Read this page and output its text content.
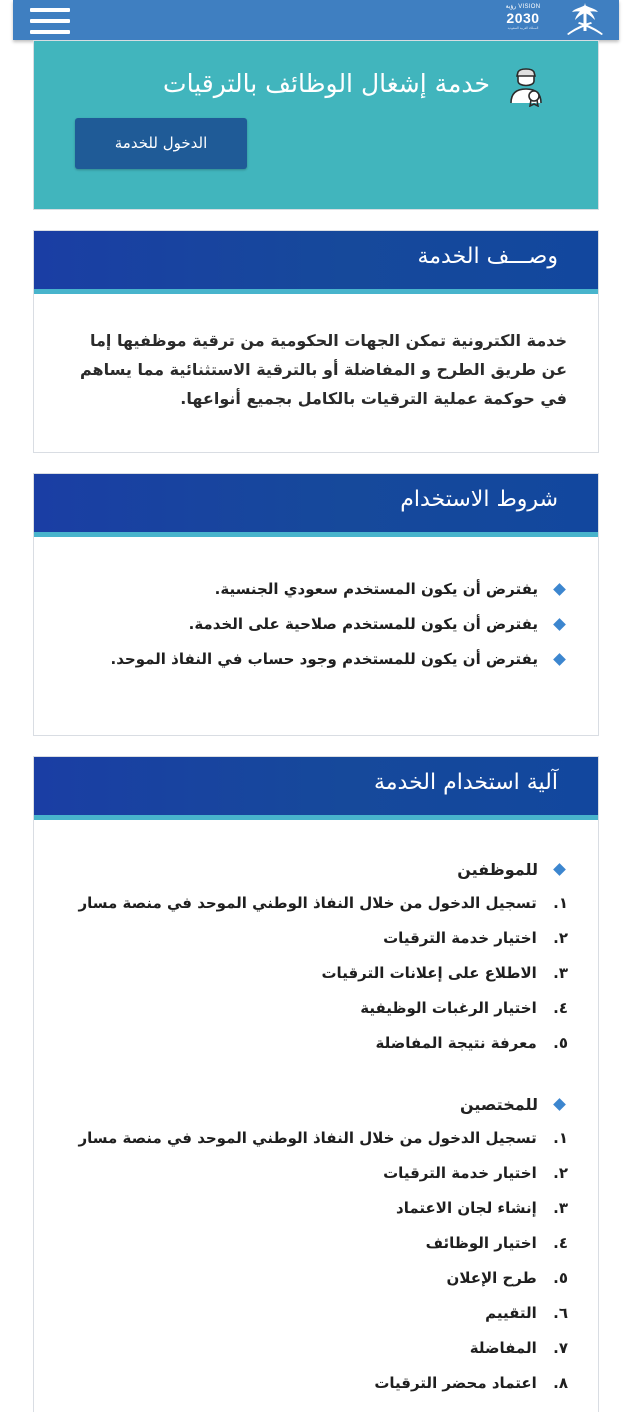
VISION رؤية
2030
المملكة العربية السعودية
خدمة إشغال الوظائف بالترقيات
الدخول للخدمة
وصـــف الخدمة

خدمة الكترونية تمكن الجهات الحكومية من ترقية موظفيها إما عن طريق الطرح و المفاضلة أو بالترقية الاستثنائية مما يساهم في حوكمة عملية الترقيات بالكامل بجميع أنواعها.

شروط الاستخدام
يفترض أن يكون المستخدم سعودي الجنسية.
يفترض أن يكون للمستخدم صلاحية على الخدمة.
يفترض أن يكون للمستخدم وجود حساب في النفاذ الموحد.
آلية استخدام الخدمة
للموظفين
١. تسجيل الدخول من خلال النفاذ الوطني الموحد في منصة مسار
٢. اختيار خدمة الترقيات
٣. الاطلاع على إعلانات الترقيات
٤. اختيار الرغبات الوظيفية
٥. معرفة نتيجة المفاضلة
للمختصين
١. تسجيل الدخول من خلال النفاذ الوطني الموحد في منصة مسار
٢. اختيار خدمة الترقيات
٣. إنشاء لجان الاعتماد
٤. اختيار الوظائف
٥. طرح الإعلان
٦. التقييم
٧. المفاضلة
٨. اعتماد محضر الترقيات
